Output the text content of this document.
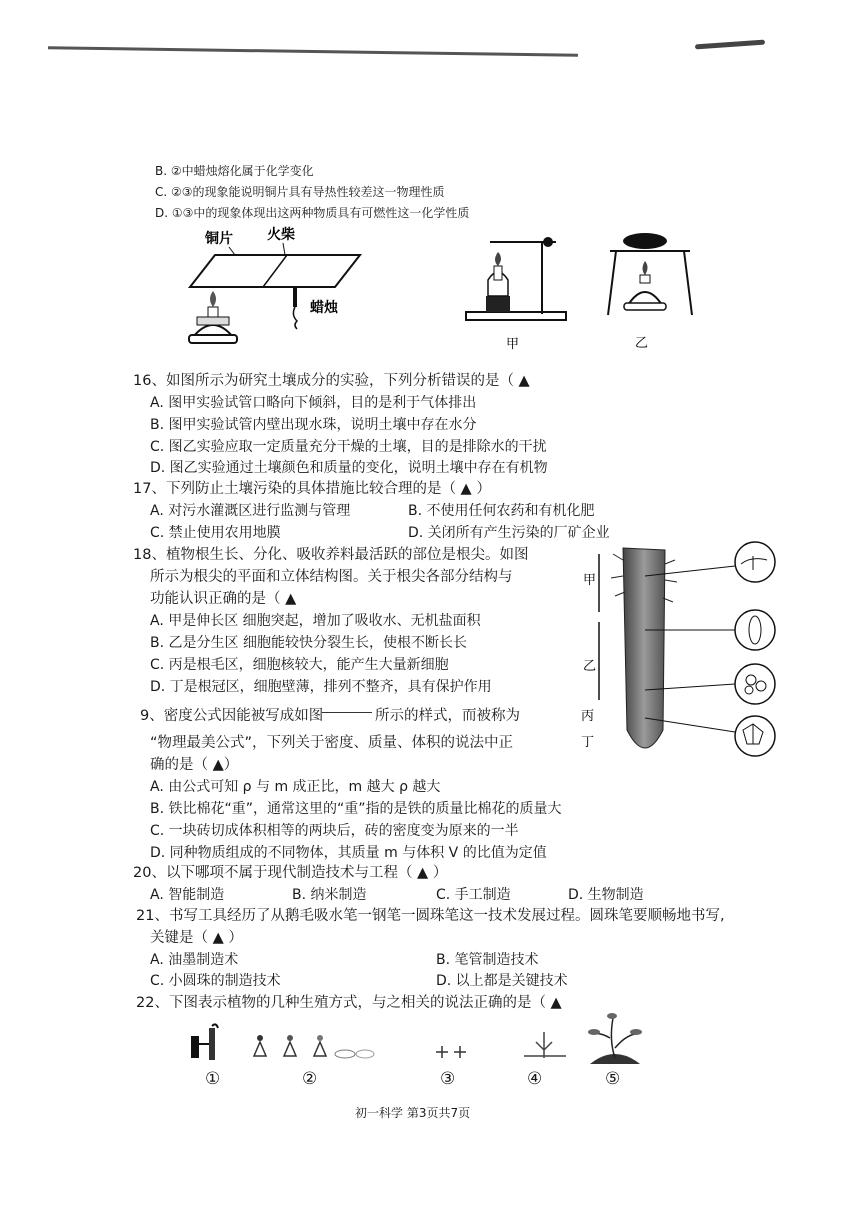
B. ②中蜡烛熔化属于化学变化
C. ②③的现象能说明铜片具有导热性较差这一物理性质
D. ①③中的现象体现出这两种物质具有可燃性这一化学性质
铜片 火柴
蜡烛
甲	乙
16、如图所示为研究土壤成分的实验，下列分析错误的是（ ▲
A. 图甲实验试管口略向下倾斜，目的是利于气体排出
B. 图甲实验试管内壁出现水珠，说明土壤中存在水分
C. 图乙实验应取一定质量充分干燥的土壤，目的是排除水的干扰
D. 图乙实验通过土壤颜色和质量的变化，说明土壤中存在有机物
17、下列防止土壤污染的具体措施比较合理的是（ ▲ ）
A. 对污水灌溉区进行监测与管理	B. 不使用任何农药和有机化肥
C. 禁止使用农用地膜	D. 关闭所有产生污染的厂矿企业
18、植物根生长、分化、吸收养料最活跃的部位是根尖。如图
所示为根尖的平面和立体结构图。关于根尖各部分结构与
功能认识正确的是（ ▲
A. 甲是伸长区 细胞突起，增加了吸收水、无机盐面积
B. 乙是分生区 细胞能较快分裂生长，使根不断长长
C. 丙是根毛区，细胞核较大，能产生大量新细胞
D. 丁是根冠区，细胞壁薄，排列不整齐，具有保护作用
甲
乙
丙
丁
9、密度公式因能被写成如图	所示的样式，而被称为
“物理最美公式”，下列关于密度、质量、体积的说法中正
确的是（ ▲）
A. 由公式可知 ρ 与 m 成正比，m 越大 ρ 越大
B. 铁比棉花“重”，通常这里的“重”指的是铁的质量比棉花的质量大
C. 一块砖切成体积相等的两块后，砖的密度变为原来的一半
D. 同种物质组成的不同物体，其质量 m 与体积 V 的比值为定值
20、以下哪项不属于现代制造技术与工程（ ▲ ）
A. 智能制造	B. 纳米制造	C. 手工制造	D. 生物制造
21、书写工具经历了从鹅毛吸水笔一钢笔一圆珠笔这一技术发展过程。圆珠笔要顺畅地书写,
关键是（ ▲ ）
A. 油墨制造术	B. 笔管制造技术
C. 小圆珠的制造技术	D. 以上都是关键技术
22、下图表示植物的几种生殖方式，与之相关的说法正确的是（ ▲
①	②	③	④	⑤
初一科学 第3页共7页
